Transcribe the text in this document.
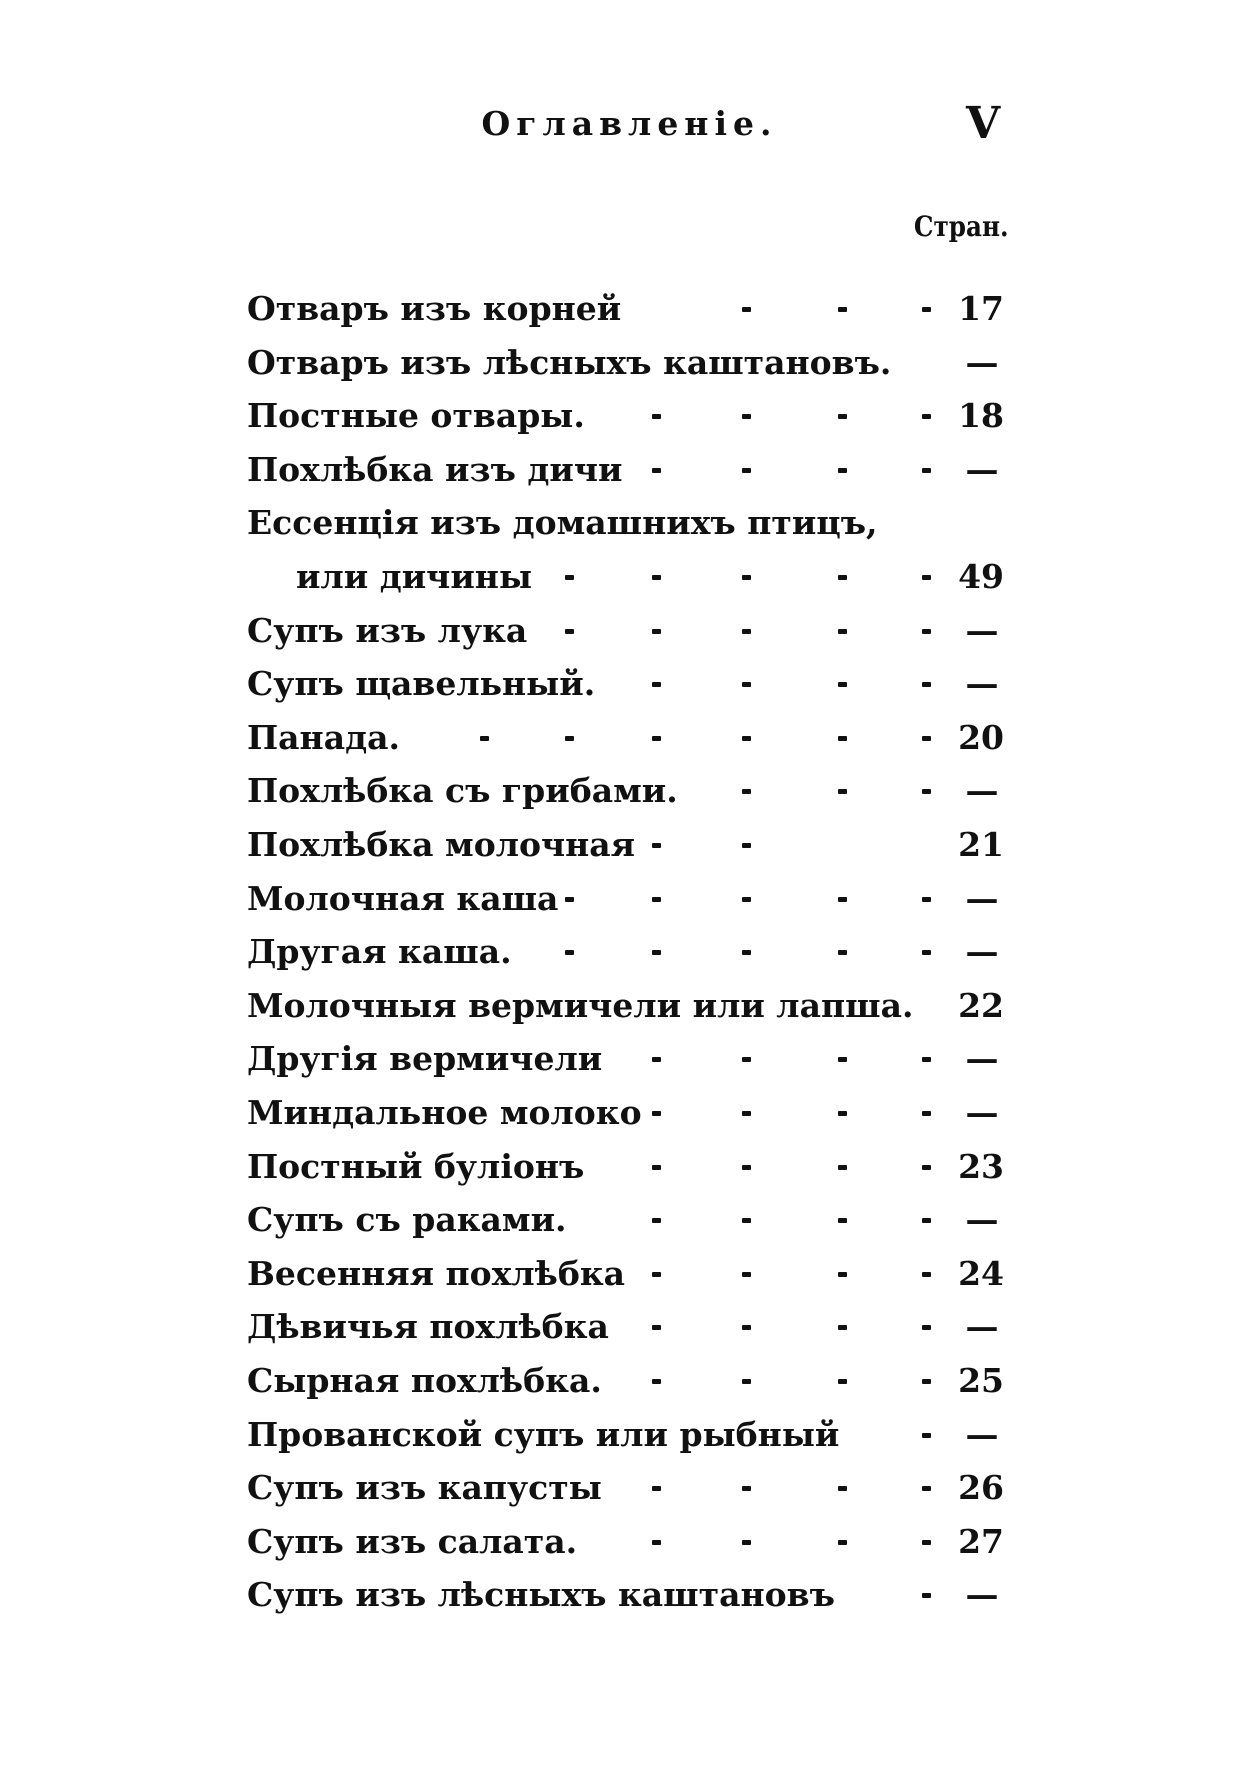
Оглавленіе.	V
Стран.
Отваръ изъ корней	17
Отваръ изъ лѣсныхъ каштановъ. —
Постные отвары.	18
Похлѣбка изъ дичи	—
Ессенція изъ домашнихъ птицъ,
или дичины	49
Супъ изъ лука	—
Супъ щавельный.	—
Панада.	20
Похлѣбка съ грибами.	—
Похлѣбка молочная	21
Молочная каша	—
Другая каша.	—
Молочныя вермичели или лапша. 22
Другія вермичели	—
Миндальное молоко	—
Постный буліонъ	23
Супъ съ раками.	—
Весенняя похлѣбка	24
Дѣвичья похлѣбка	—
Сырная похлѣбка.	25
Прованской супъ или рыбный	—
Супъ изъ капусты	26
Супъ изъ салата.	27
Супъ изъ лѣсныхъ каштановъ	—
